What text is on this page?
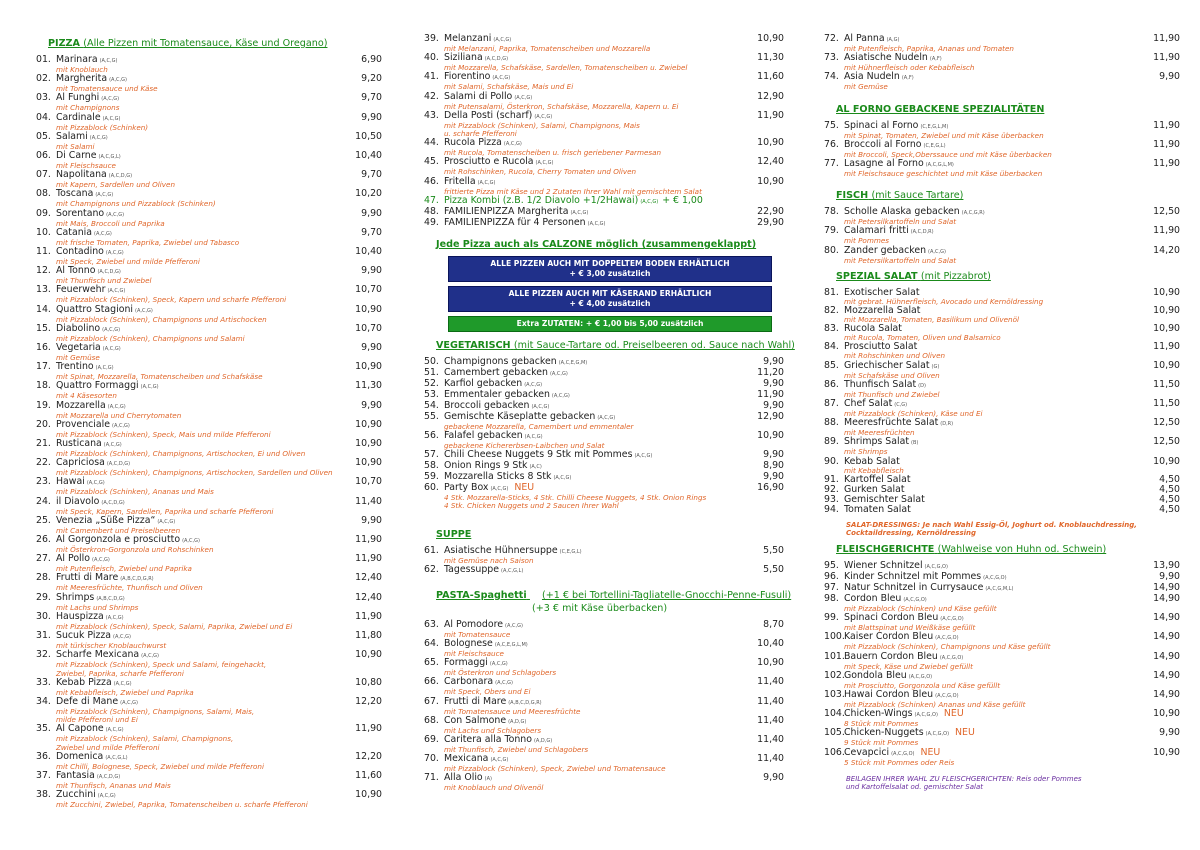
PIZZA (Alle Pizzen mit Tomatensauce, Käse und Oregano)
01. Marinara (A,C,G)	6,90
mit Knoblauch
02. Margherita (A,C,G)	9,20
mit Tomatensauce und Käse
03. Al Funghi (A,C,G)	9,70
mit Champignons
04. Cardinale (A,C,G)	9,90
mit Pizzablock (Schinken)
05. Salami (A,C,G)	10,50
mit Salami
06. Di Carne (A,C,G,L)	10,40
mit Fleischsauce
07. Napolitana (A,C,D,G)	9,70
mit Kapern, Sardellen und Oliven
08. Toscana (A,C,G)	10,20
mit Champignons und Pizzablock (Schinken)
09. Sorentano (A,C,G)	9,90
mit Mais, Broccoli und Paprika
10. Catania (A,C,G)	9,70
mit frische Tomaten, Paprika, Zwiebel und Tabasco
11. Contadino (A,C,G)	10,40
mit Speck, Zwiebel und milde Pfefferoni
12. Al Tonno (A,C,D,G)	9,90
mit Thunfisch und Zwiebel
13. Feuerwehr (A,C,G)	10,70
mit Pizzablock (Schinken), Speck, Kapern und scharfe Pfefferoni
14. Quattro Stagioni (A,C,G)	10,90
mit Pizzablock (Schinken), Champignons und Artischocken
15. Diabolino (A,C,G)	10,70
mit Pizzablock (Schinken), Champignons und Salami
16. Vegetaria (A,C,G)	9,90
mit Gemüse
17. Trentino (A,C,G)	10,90
mit Spinat, Mozzarella, Tomatenscheiben und Schafskäse
18. Quattro Formaggi (A,C,G)	11,30
mit 4 Käsesorten
19. Mozzarella (A,C,G)	9,90
mit Mozzarella und Cherrytomaten
20. Provenciale (A,C,G)	10,90
mit Pizzablock (Schinken), Speck, Mais und milde Pfefferoni
21. Rusticana (A,C,G)	10,90
mit Pizzablock (Schinken), Champignons, Artischocken, Ei und Oliven
22. Capriciosa (A,C,D,G)	10,90
mit Pizzablock (Schinken), Champignons, Artischocken, Sardellen und Oliven
23. Hawai (A,C,G)	10,70
mit Pizzablock (Schinken), Ananas und Mais
24. il Diavolo (A,C,D,G)	11,40
mit Speck, Kapern, Sardellen, Paprika und scharfe Pfefferoni
25. Venezia „Süße Pizza“ (A,C,G)	9,90
mit Camembert und Preiselbeeren
26. Al Gorgonzola e prosciutto (A,C,G)	11,90
mit Österkron-Gorgonzola und Rohschinken
27. Al Pollo (A,C,G)	11,90
mit Putenfleisch, Zwiebel und Paprika
28. Frutti di Mare (A,B,C,D,G,R)	12,40
mit Meeresfrüchte, Thunfisch und Oliven
29. Shrimps (A,B,C,D,G)	12,40
mit Lachs und Shrimps
30. Hauspizza (A,C,G)	11,90
mit Pizzablock (Schinken), Speck, Salami, Paprika, Zwiebel und Ei
31. Sucuk Pizza (A,C,G)	11,80
mit türkischer Knoblauchwurst
32. Scharfe Mexicana (A,C,G)	10,90
mit Pizzablock (Schinken), Speck und Salami, feingehackt,
Zwiebel, Paprika, scharfe Pfefferoni
33. Kebab Pizza (A,C,G)	10,80
mit Kebabfleisch, Zwiebel und Paprika
34. Defe di Mane (A,C,G)	12,20
mit Pizzablock (Schinken), Champignons, Salami, Mais,
milde Pfefferoni und Ei
35. Al Capone (A,C,G)	11,90
mit Pizzablock (Schinken), Salami, Champignons,
Zwiebel und milde Pfefferoni
36. Domenica (A,C,G,L)	12,20
mit Chilli, Bolognese, Speck, Zwiebel und milde Pfefferoni
37. Fantasia (A,C,D,G)	11,60
mit Thunfisch, Ananas und Mais
38. Zucchini (A,C,G)	10,90
mit Zucchini, Zwiebel, Paprika, Tomatenscheiben u. scharfe Pfefferoni
39. Melanzani (A,C,G)	10,90
mit Melanzani, Paprika, Tomatenscheiben und Mozzarella
40. Siziliana (A,C,D,G)	11,30
mit Mozzarella, Schafskäse, Sardellen, Tomatenscheiben u. Zwiebel
41. Fiorentino (A,C,G)	11,60
mit Salami, Schafskäse, Mais und Ei
42. Salami di Pollo (A,C,G)	12,90
mit Putensalami, Österkron, Schafskäse, Mozzarella, Kapern u. Ei
43. Della Posti (scharf) (A,C,G)	11,90
mit Pizzablock (Schinken), Salami, Champignons, Mais
u. scharfe Pfefferoni
44. Rucola Pizza (A,C,G)	10,90
mit Rucola, Tomatenscheiben u. frisch geriebener Parmesan
45. Prosciutto e Rucola (A,C,G)	12,40
mit Rohschinken, Rucola, Cherry Tomaten und Oliven
46. Fritella (A,C,G)	10,90
frittierte Pizza mit Käse und 2 Zutaten Ihrer Wahl mit gemischtem Salat
47. Pizza Kombi (z.B. 1/2 Diavolo +1/2Hawai) (A,C,G) + € 1,00
48. FAMILIENPIZZA Margherita (A,C,G)	22,90
49. FAMILIENPIZZA für 4 Personen (A,C,G)	29,90
Jede Pizza auch als CALZONE möglich (zusammengeklappt)
ALLE PIZZEN AUCH MIT DOPPELTEM BODEN ERHÄLTLICH
+ € 3,00 zusätzlich
ALLE PIZZEN AUCH MIT KÄSERAND ERHÄLTLICH
+ € 4,00 zusätzlich
Extra ZUTATEN: + € 1,00 bis 5,00 zusätzlich
VEGETARISCH (mit Sauce-Tartare od. Preiselbeeren od. Sauce nach Wahl)
50. Champignons gebacken (A,C,E,G,M)	9,90
51. Camembert gebacken (A,C,G)	11,20
52. Karfiol gebacken (A,C,G)	9,90
53. Emmentaler gebacken (A,C,G)	11,90
54. Broccoli gebacken (A,C,G)	9,90
55. Gemischte Käseplatte gebacken (A,C,G)	12,90
gebackene Mozzarella, Camembert und emmentaler
56. Falafel gebacken (A,C,G)	10,90
gebackene Kichererbsen-Laibchen und Salat
57. Chili Cheese Nuggets 9 Stk mit Pommes (A,C,G)	9,90
58. Onion Rings 9 Stk (A,C)	8,90
59. Mozzarella Sticks 8 Stk (A,C,G)	9,90
60. Party Box (A,C,G) NEU	16,90
4 Stk. Mozzarella-Sticks, 4 Stk. Chilli Cheese Nuggets, 4 Stk. Onion Rings
4 Stk. Chicken Nuggets und 2 Saucen Ihrer Wahl
SUPPE
61. Asiatische Hühnersuppe (C,E,G,L)	5,50
mit Gemüse nach Saison
62. Tagessuppe (A,C,G,L)	5,50
PASTA-Spaghetti (+1 € bei Tortellini-Tagliatelle-Gnocchi-Penne-Fusuli)
(+3 € mit Käse überbacken)
63. Al Pomodore (A,C,G)	8,70
mit Tomatensauce
64. Bolognese (A,C,E,G,L,M)	10,40
mit Fleischsauce
65. Formaggi (A,C,G)	10,90
mit Österkron und Schlagobers
66. Carbonara (A,C,G)	11,40
mit Speck, Obers und Ei
67. Frutti di Mare (A,B,C,D,G,R)	11,40
mit Tomatensauce und Meeresfrüchte
68. Con Salmone (A,D,G)	11,40
mit Lachs und Schlagobers
69. Caritera alla Tonno (A,D,G)	11,40
mit Thunfisch, Zwiebel und Schlagobers
70. Mexicana (A,C,G)	11,40
mit Pizzablock (Schinken), Speck, Zwiebel und Tomatensauce
71. Alla Olio (A)	9,90
mit Knoblauch und Olivenöl
72. Al Panna (A,G)	11,90
mit Putenfleisch, Paprika, Ananas und Tomaten
73. Asiatische Nudeln (A,F)	11,90
mit Hühnerfleisch oder Kebabfleisch
74. Asia Nudeln (A,F)	9,90
mit Gemüse
AL FORNO GEBACKENE SPEZIALITÄTEN
75. Spinaci al Forno (C,E,G,L,M)	11,90
mit Spinat, Tomaten, Zwiebel und mit Käse überbacken
76. Broccoli al Forno (C,E,G,L)	11,90
mit Broccoli, Speck,Oberssauce und mit Käse überbacken
77. Lasagne al Forno (A,C,G,L,M)	11,90
mit Fleischsauce geschichtet und mit Käse überbacken
FISCH (mit Sauce Tartare)
78. Scholle Alaska gebacken (A,C,G,R)	12,50
mit Petersilkartoffeln und Salat
79. Calamari fritti (A,C,D,R)	11,90
mit Pommes
80. Zander gebacken (A,C,G)	14,20
mit Petersilkartoffeln und Salat
SPEZIAL SALAT (mit Pizzabrot)
81. Exotischer Salat	10,90
mit gebrat. Hühnerfleisch, Avocado und Kernöldressing
82. Mozzarella Salat	10,90
mit Mozzarella, Tomaten, Basilikum und Olivenöl
83. Rucola Salat	10,90
mit Rucola, Tomaten, Oliven und Balsamico
84. Prosciutto Salat	11,90
mit Rohschinken und Oliven
85. Griechischer Salat (G)	10,90
mit Schafskäse und Oliven
86. Thunfisch Salat (D)	11,50
mit Thunfisch und Zwiebel
87. Chef Salat (C,G)	11,50
mit Pizzablock (Schinken), Käse und Ei
88. Meeresfrüchte Salat (D,R)	12,50
mit Meeresfrüchten
89. Shrimps Salat (B)	12,50
mit Shrimps
90. Kebab Salat	10,90
mit Kebabfleisch
91. Kartoffel Salat	4,50
92. Gurken Salat	4,50
93. Gemischter Salat	4,50
94. Tomaten Salat	4,50
SALAT-DRESSINGS: Je nach Wahl Essig-Öl, Joghurt od. Knoblauchdressing,
Cocktaildressing, Kernöldressing
FLEISCHGERICHTE (Wahlweise von Huhn od. Schwein)
95. Wiener Schnitzel (A,C,G,O)	13,90
96. Kinder Schnitzel mit Pommes (A,C,G,O)	9,90
97. Natur Schnitzel in Currysauce (A,C,G,M,L)	14,90
98. Cordon Bleu (A,C,G,O)	14,90
mit Pizzablock (Schinken) und Käse gefüllt
99. Spinaci Cordon Bleu (A,C,G,O)	14,90
mit Blattspinat und Weißkäse gefüllt
100. Kaiser Cordon Bleu (A,C,G,O)	14,90
mit Pizzablock (Schinken), Champignons und Käse gefüllt
101. Bauern Cordon Bleu (A,C,G,O)	14,90
mit Speck, Käse und Zwiebel gefüllt
102. Gondola Bleu (A,C,G,O)	14,90
mit Prosciutto, Gorgonzola und Käse gefüllt
103. Hawai Cordon Bleu (A,C,G,O)	14,90
mit Pizzablock (Schinken) Ananas und Käse gefüllt
104. Chicken-Wings (A,C,G,O) NEU	10,90
8 Stück mit Pommes
105. Chicken-Nuggets (A,C,G,O) NEU	9,90
9 Stück mit Pommes
106. Cevapcici (A,C,G,O) NEU	10,90
5 Stück mit Pommes oder Reis
BEILAGEN IHRER WAHL ZU FLEISCHGERICHTEN: Reis oder Pommes
und Kartoffelsalat od. gemischter Salat
